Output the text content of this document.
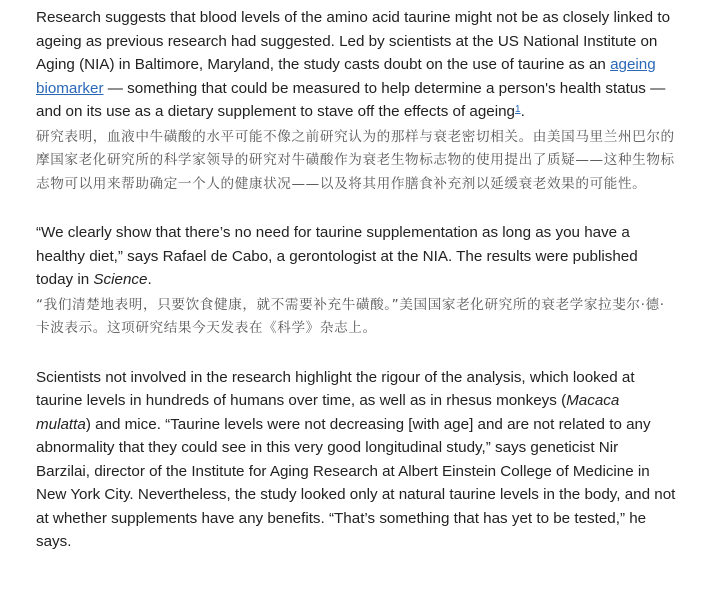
Research suggests that blood levels of the amino acid taurine might not be as closely linked to ageing as previous research had suggested. Led by scientists at the US National Institute on Aging (NIA) in Baltimore, Maryland, the study casts doubt on the use of taurine as an ageing biomarker — something that could be measured to help determine a person's health status — and on its use as a dietary supplement to stave off the effects of ageing$^1$.

研究表明，血液中牛磺酸的水平可能不像之前研究认为的那样与衰老密切相关。由美国马里兰州巴尔的摩国家老化研究所的科学家领导的研究对牛磺酸作为衰老生物标志物的使用提出了质疑——这种生物标志物可以用来帮助确定一个人的健康状况——以及将其用作膳食补充剂以延缓衰老效果的可能性。

“We clearly show that there’s no need for taurine supplementation as long as you have a healthy diet,” says Rafael de Cabo, a gerontologist at the NIA. The results were published today in Science.

“我们清楚地表明，只要饮食健康，就不需要补充牛磺酸。”美国国家老化研究所的衰老学家拉斐尔·德·卡波表示。这项研究结果今天发表在《科学》杂志上。

Scientists not involved in the research highlight the rigour of the analysis, which looked at taurine levels in hundreds of humans over time, as well as in rhesus monkeys (Macaca mulatta) and mice. “Taurine levels were not decreasing [with age] and are not related to any abnormality that they could see in this very good longitudinal study,” says geneticist Nir Barzilai, director of the Institute for Aging Research at Albert Einstein College of Medicine in New York City. Nevertheless, the study looked only at natural taurine levels in the body, and not at whether supplements have any benefits. “That’s something that has yet to be tested,” he says.
